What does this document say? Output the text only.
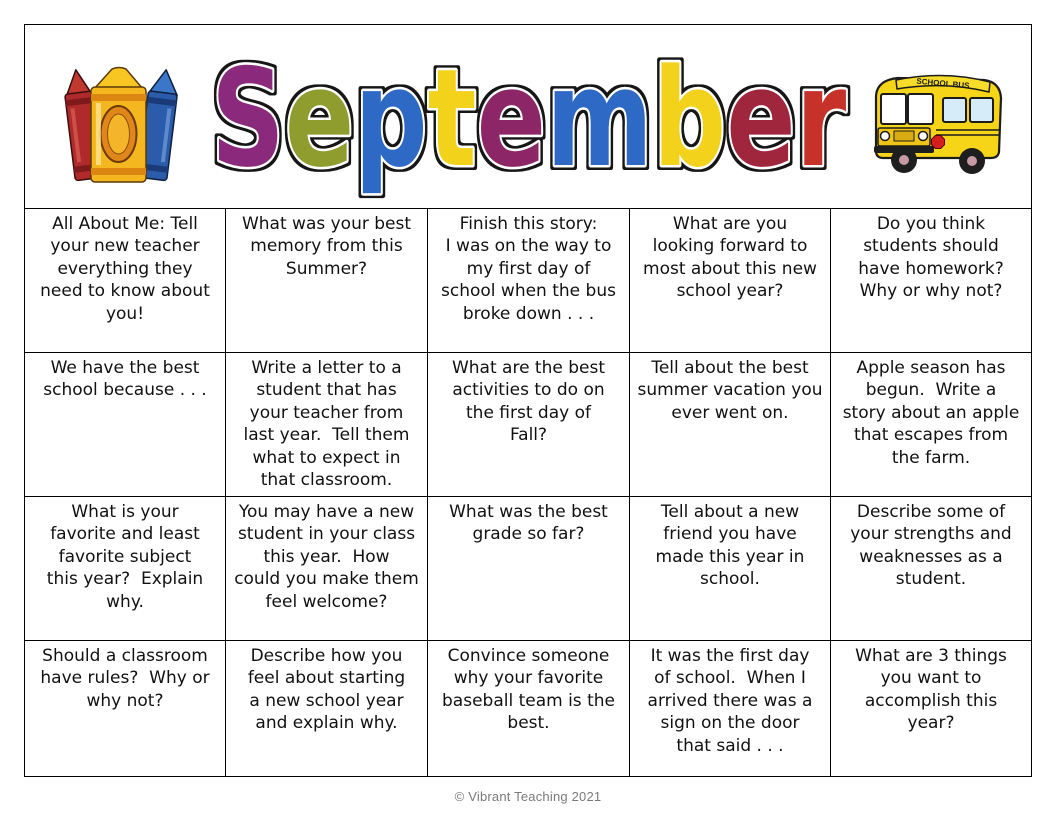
September	SCHOOL BUS
All About Me: Tell
your new teacher
everything they
need to know about
you!
What was your best
memory from this
Summer?
Finish this story:
I was on the way to
my first day of
school when the bus
broke down . . .
What are you
looking forward to
most about this new
school year?
Do you think
students should
have homework?
Why or why not?
We have the best
school because . . .
Write a letter to a
student that has
your teacher from
last year.  Tell them
what to expect in
that classroom.
What are the best
activities to do on
the first day of
Fall?
Tell about the best
summer vacation you
ever went on.
Apple season has
begun.  Write a
story about an apple
that escapes from
the farm.
What is your
favorite and least
favorite subject
this year?  Explain
why.
You may have a new
student in your class
this year.  How
could you make them
feel welcome?
What was the best
grade so far?
Tell about a new
friend you have
made this year in
school.
Describe some of
your strengths and
weaknesses as a
student.
Should a classroom
have rules?  Why or
why not?
Describe how you
feel about starting
a new school year
and explain why.
Convince someone
why your favorite
baseball team is the
best.
It was the first day
of school.  When I
arrived there was a
sign on the door
that said . . .
What are 3 things
you want to
accomplish this
year?
© Vibrant Teaching 2021
